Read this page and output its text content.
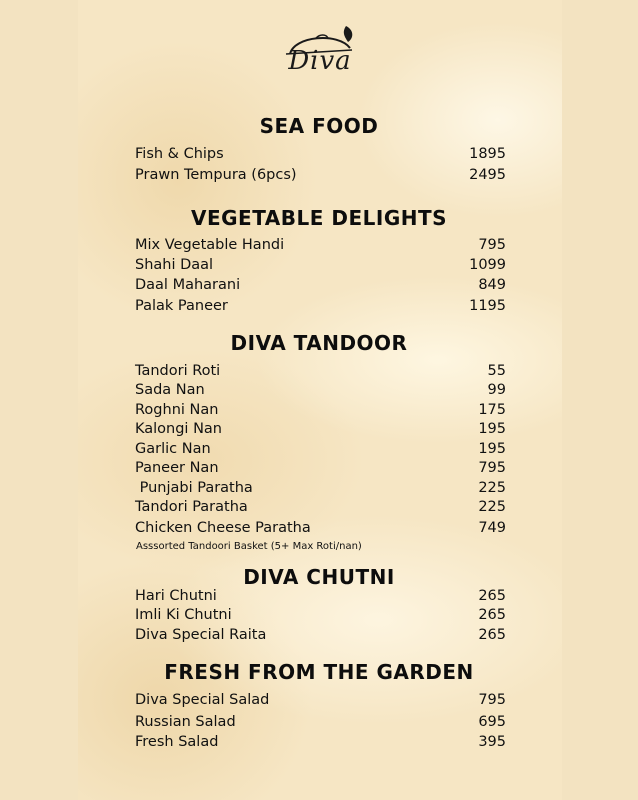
Diva
SEA FOOD
Fish & Chips	1895
Prawn Tempura (6pcs)	2495
VEGETABLE DELIGHTS
Mix Vegetable Handi	795
Shahi Daal	1099
Daal Maharani	849
Palak Paneer	1195
DIVA TANDOOR
Tandori Roti	55
Sada Nan	99
Roghni Nan	175
Kalongi Nan	195
Garlic Nan	195
Paneer Nan	795
Punjabi Paratha	225
Tandori Paratha	225
Chicken Cheese Paratha	749
Asssorted Tandoori Basket (5+ Max Roti/nan)
DIVA CHUTNI
Hari Chutni	265
Imli Ki Chutni	265
Diva Special Raita	265
FRESH FROM THE GARDEN
Diva Special Salad	795
Russian Salad	695
Fresh Salad	395
